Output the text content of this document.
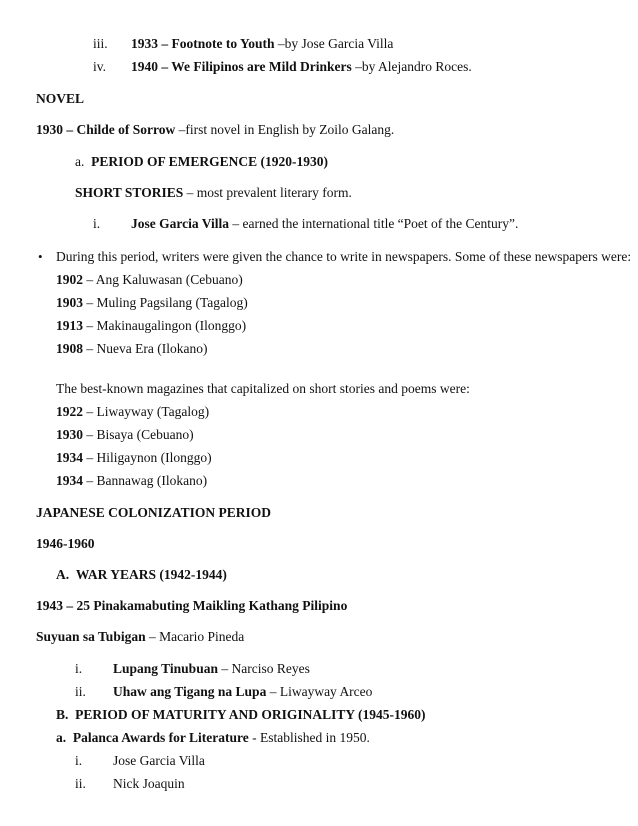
iii. 1933 – Footnote to Youth –by Jose Garcia Villa
iv. 1940 – We Filipinos are Mild Drinkers –by Alejandro Roces.
NOVEL
1930 – Childe of Sorrow –first novel in English by Zoilo Galang.
a. PERIOD OF EMERGENCE (1920-1930)
SHORT STORIES – most prevalent literary form.
i. Jose Garcia Villa – earned the international title “Poet of the Century”.
• During this period, writers were given the chance to write in newspapers. Some of these newspapers were:
1902 – Ang Kaluwasan (Cebuano)
1903 – Muling Pagsilang (Tagalog)
1913 – Makinaugalingon (Ilonggo)
1908 – Nueva Era (Ilokano)
The best-known magazines that capitalized on short stories and poems were:
1922 – Liwayway (Tagalog)
1930 – Bisaya (Cebuano)
1934 – Hiligaynon (Ilonggo)
1934 – Bannawag (Ilokano)
JAPANESE COLONIZATION PERIOD
1946-1960
A. WAR YEARS (1942-1944)
1943 – 25 Pinakamabuting Maikling Kathang Pilipino
Suyuan sa Tubigan – Macario Pineda
i. Lupang Tinubuan – Narciso Reyes
ii. Uhaw ang Tigang na Lupa – Liwayway Arceo
B. PERIOD OF MATURITY AND ORIGINALITY (1945-1960)
a. Palanca Awards for Literature - Established in 1950.
i. Jose Garcia Villa
ii. Nick Joaquin
